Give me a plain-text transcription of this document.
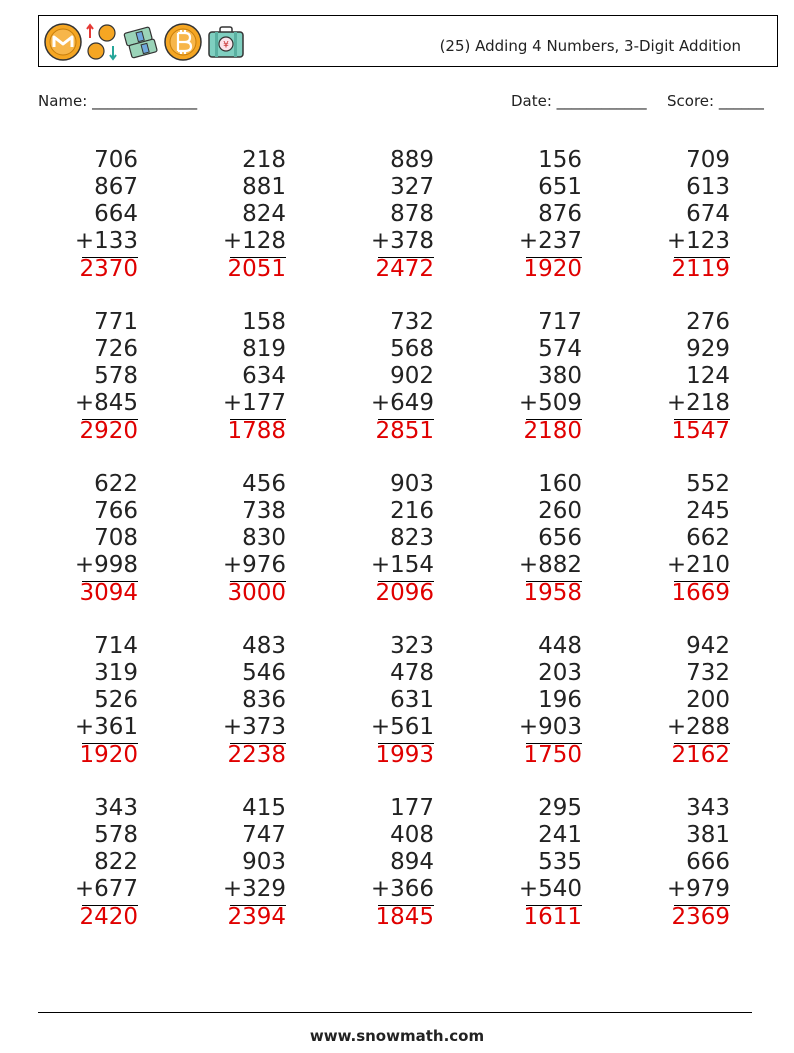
¥	(25) Adding 4 Numbers, 3-Digit Addition
Name: ______________	Date: ____________ Score: ______
706
867
664
+133
2370
218
881
824
+128
2051
889
327
878
+378
2472
156
651
876
+237
1920
709
613
674
+123
2119
771
726
578
+845
2920
158
819
634
+177
1788
732
568
902
+649
2851
717
574
380
+509
2180
276
929
124
+218
1547
622
766
708
+998
3094
456
738
830
+976
3000
903
216
823
+154
2096
160
260
656
+882
1958
552
245
662
+210
1669
714
319
526
+361
1920
483
546
836
+373
2238
323
478
631
+561
1993
448
203
196
+903
1750
942
732
200
+288
2162
343
578
822
+677
2420
415
747
903
+329
2394
177
408
894
+366
1845
295
241
535
+540
1611
343
381
666
+979
2369
www.snowmath.com
